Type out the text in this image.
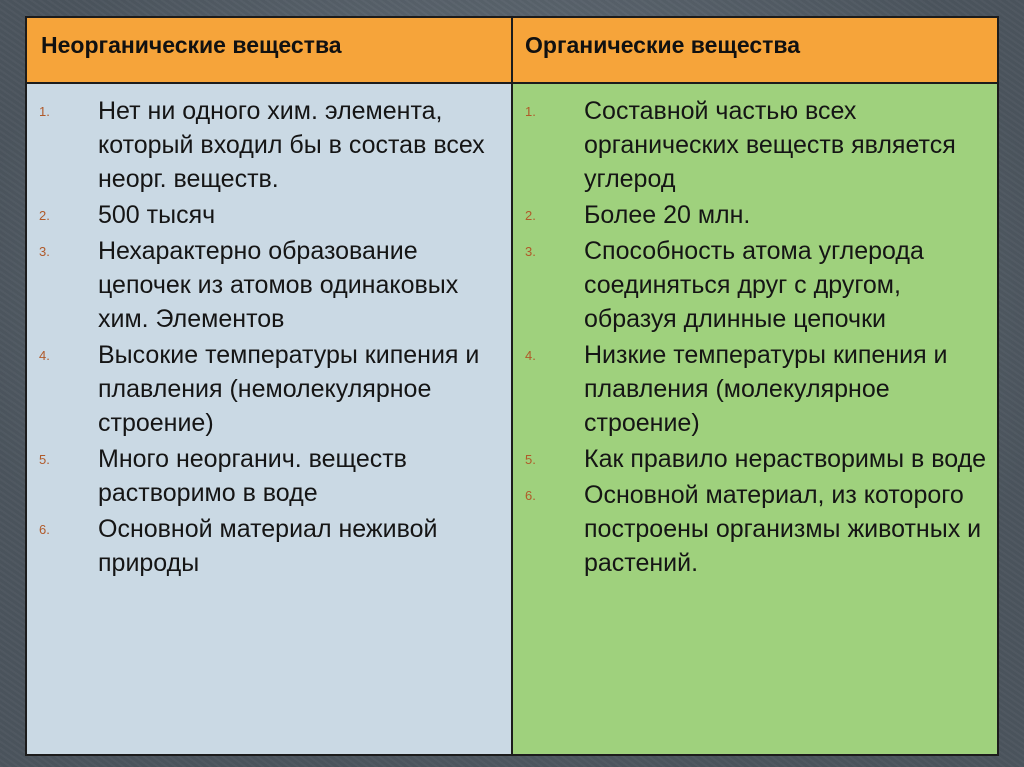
Неорганические вещества	Органические вещества
1. Нет ни одного хим. элемента, который входил бы в состав всех неорг. веществ.
2. 500 тысяч
3. Нехарактерно образование цепочек из атомов одинаковых хим. Элементов
4. Высокие температуры кипения и плавления (немолекулярное строение)
5. Много неорганич. веществ растворимо в воде
6. Основной материал неживой природы
1. Составной частью всех органических веществ является углерод
2. Более 20 млн.
3. Способность атома углерода соединяться друг с другом, образуя длинные цепочки
4. Низкие температуры кипения и плавления (молекулярное строение)
5. Как правило нерастворимы в воде
6. Основной материал, из которого построены организмы животных и растений.
